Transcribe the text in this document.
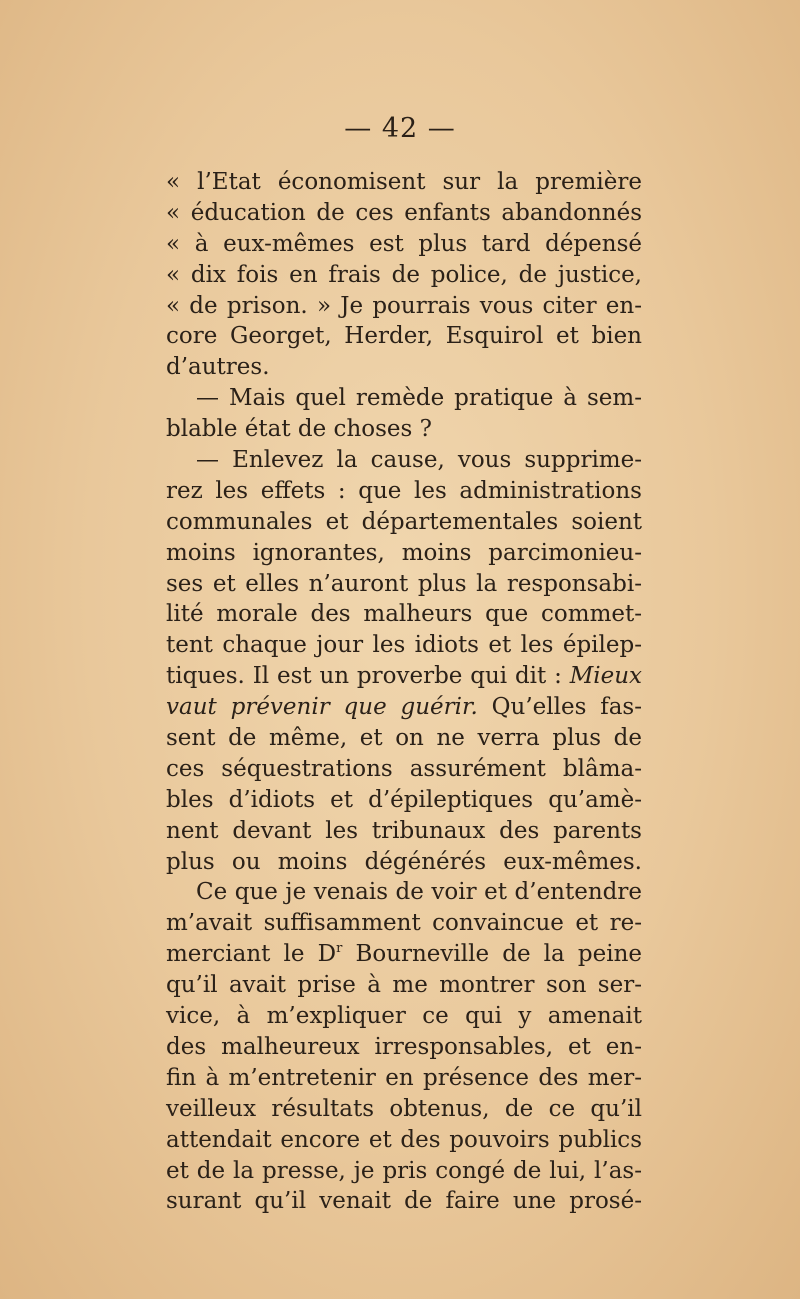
— 42 —
« l’Etat économisent sur la première
« éducation de ces enfants abandonnés
« à eux-mêmes est plus tard dépensé
« dix fois en frais de police, de justice,
« de prison. » Je pourrais vous citer en-
core Georget, Herder, Esquirol et bien
d’autres.
— Mais quel remède pratique à sem-
blable état de choses ?
— Enlevez la cause, vous supprime-
rez les effets : que les administrations
communales et départementales soient
moins ignorantes, moins parcimonieu-
ses et elles n’auront plus la responsabi-
lité morale des malheurs que commet-
tent chaque jour les idiots et les épilep-
tiques. Il est un proverbe qui dit : Mieux
vaut prévenir que guérir. Qu’elles fas-
sent de même, et on ne verra plus de
ces séquestrations assurément blâma-
bles d’idiots et d’épileptiques qu’amè-
nent devant les tribunaux des parents
plus ou moins dégénérés eux-mêmes.
Ce que je venais de voir et d’entendre
m’avait suffisamment convaincue et re-
merciant le $D^r$ Bourneville de la peine
qu’il avait prise à me montrer son ser-
vice, à m’expliquer ce qui y amenait
des malheureux irresponsables, et en-
fin à m’entretenir en présence des mer-
veilleux résultats obtenus, de ce qu’il
attendait encore et des pouvoirs publics
et de la presse, je pris congé de lui, l’as-
surant qu’il venait de faire une prosé-
